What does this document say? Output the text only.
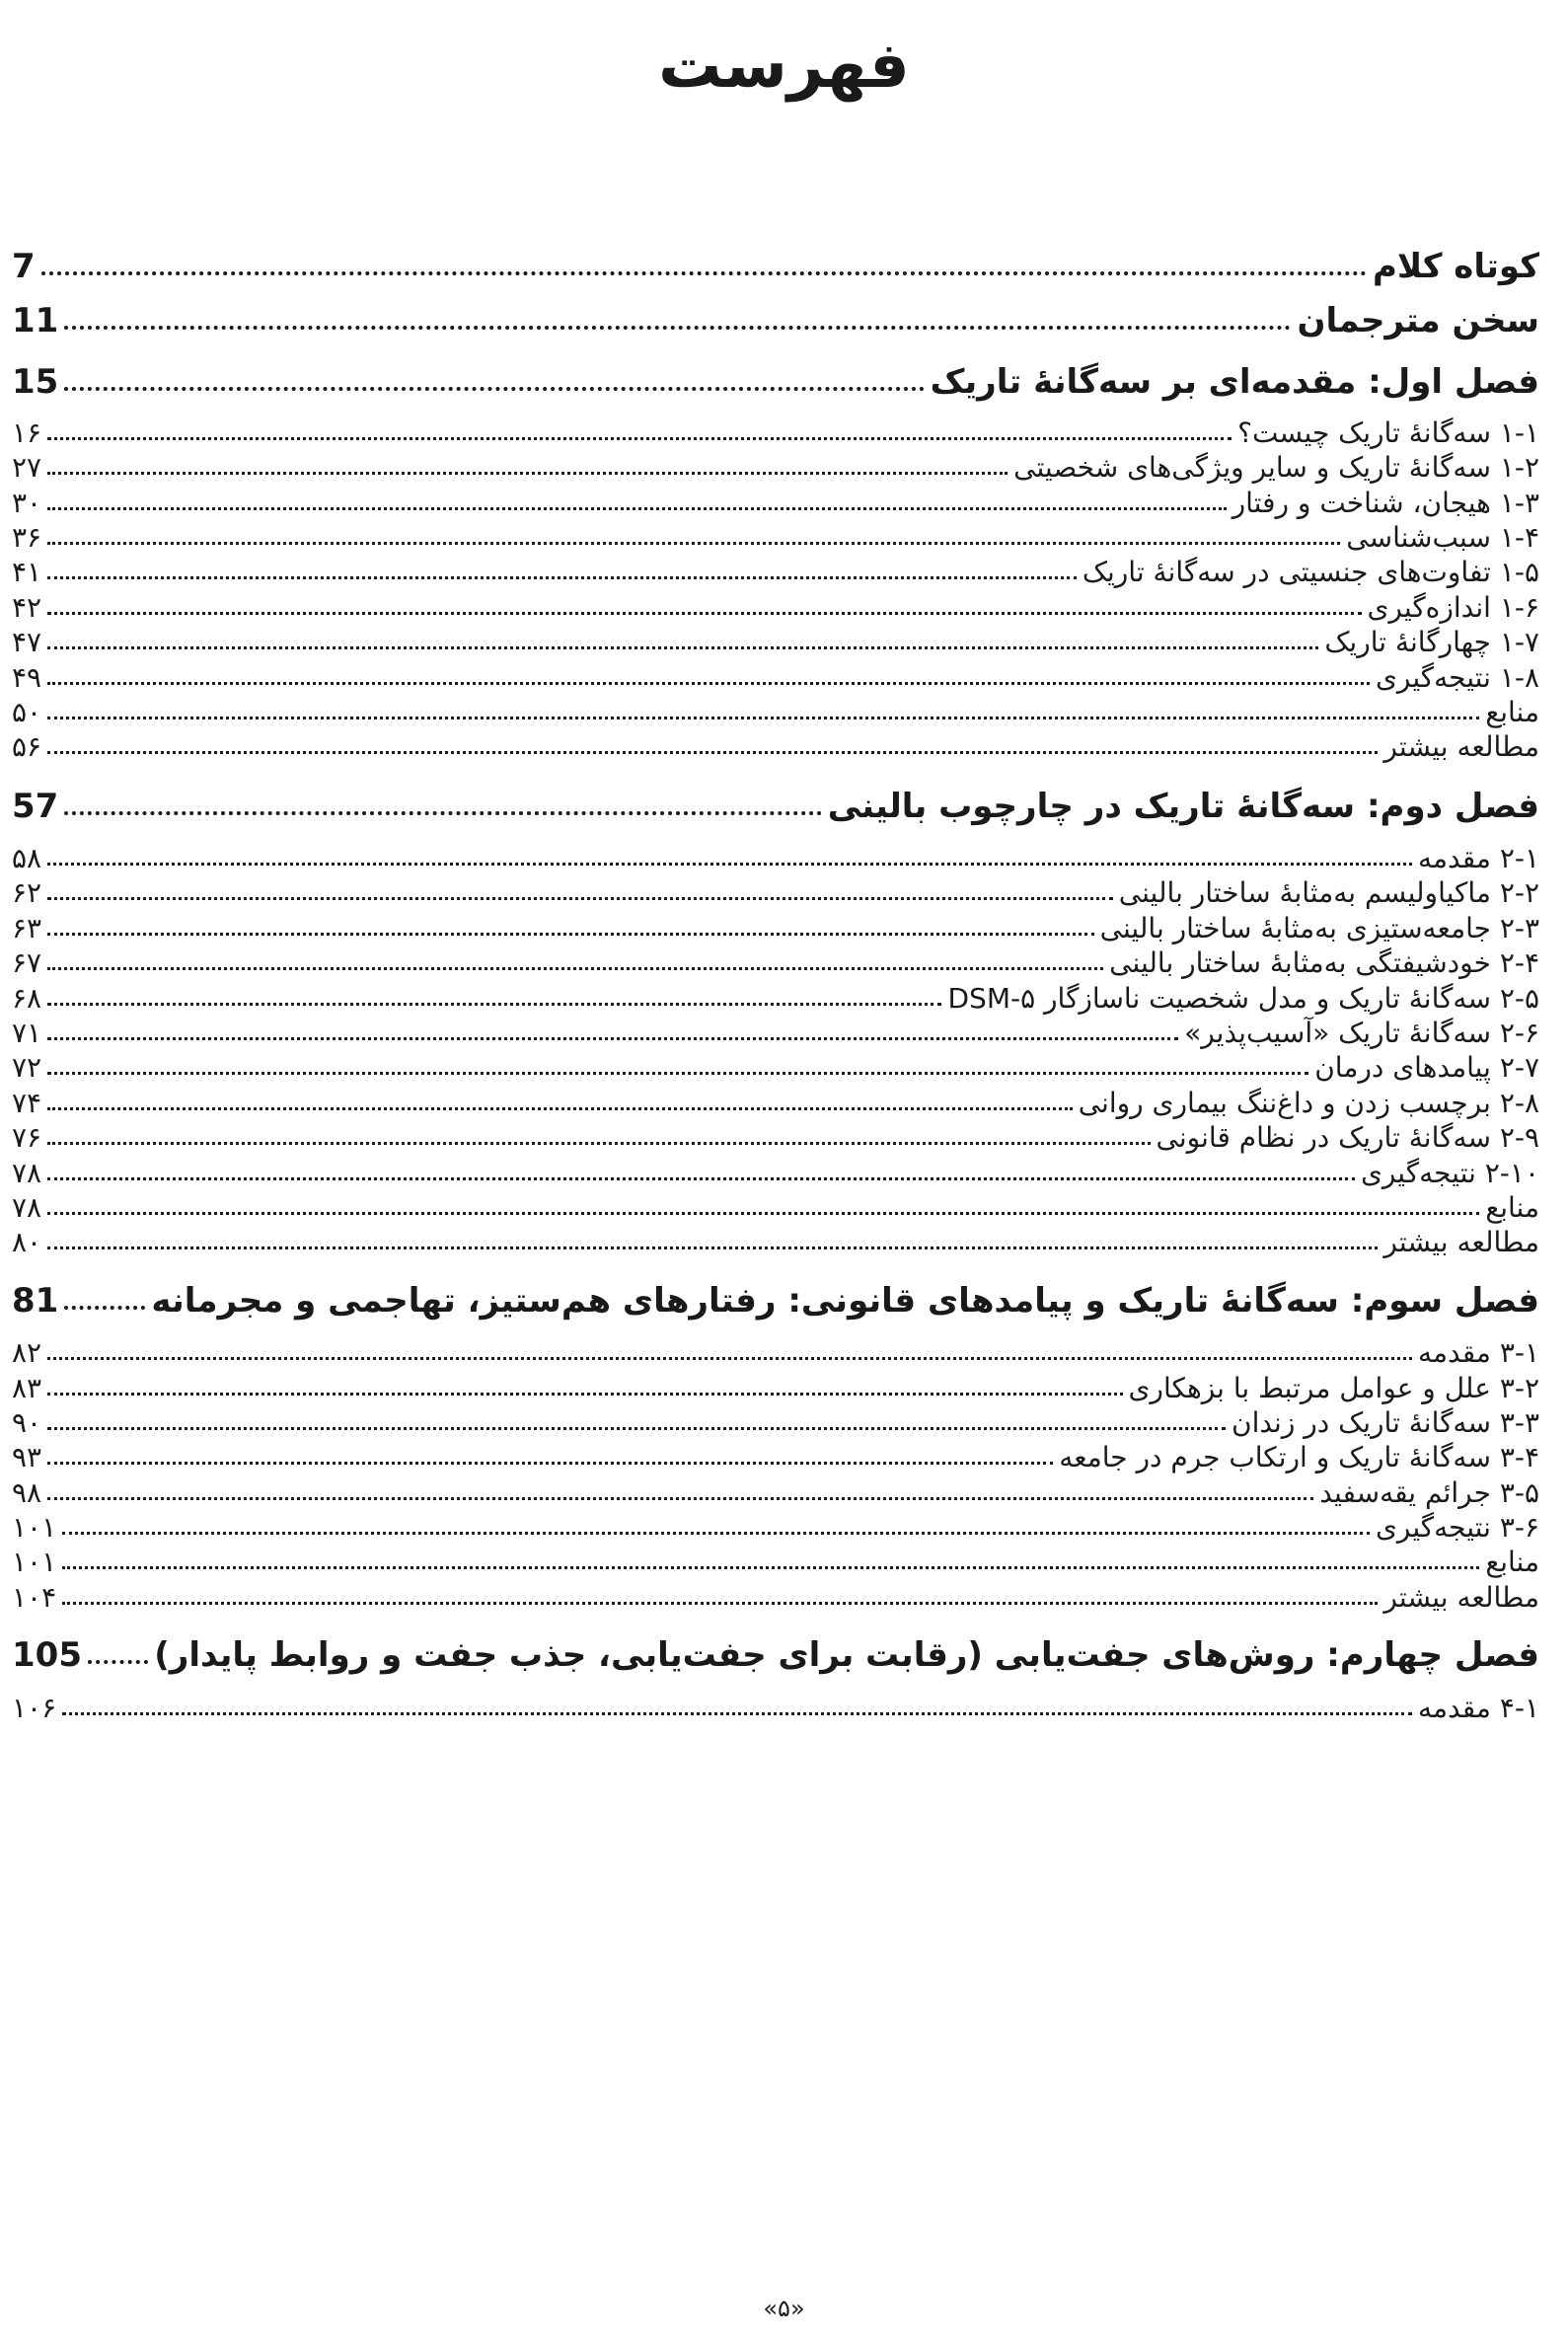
فهرست
7	کوتاه کلام
11	سخن مترجمان
15	فصل اول: مقدمه‌ای بر سه‌گانهٔ تاریک
۱۶	۱-۱ سه‌گانهٔ تاریک چیست؟
۲۷	۱-۲ سه‌گانهٔ تاریک و سایر ویژگی‌های شخصیتی
۳۰	۱-۳ هیجان، شناخت و رفتار
۳۶	۱-۴ سبب‌شناسی
۴۱	۱-۵ تفاوت‌های جنسیتی در سه‌گانهٔ تاریک
۴۲	۱-۶ اندازه‌گیری
۴۷	۱-۷ چهارگانهٔ تاریک
۴۹	۱-۸ نتیجه‌گیری
۵۰	منابع
۵۶	مطالعه بیشتر
57	فصل دوم: سه‌گانهٔ تاریک در چارچوب بالینی
۵۸	۲-۱ مقدمه
۶۲	۲-۲ ماکیاولیسم به‌مثابهٔ ساختار بالینی
۶۳	۲-۳ جامعه‌ستیزی به‌مثابهٔ ساختار بالینی
۶۷	۲-۴ خودشیفتگی به‌مثابهٔ ساختار بالینی
۶۸	۲-۵ سه‌گانهٔ تاریک و مدل شخصیت ناسازگار DSM-۵
۷۱	۲-۶ سه‌گانهٔ تاریک «آسیب‌پذیر»
۷۲	۲-۷ پیامدهای درمان
۷۴	۲-۸ برچسب زدن و داغ‌ننگ بیماری روانی
۷۶	۲-۹ سه‌گانهٔ تاریک در نظام قانونی
۷۸	۲-۱۰ نتیجه‌گیری
۷۸	منابع
۸۰	مطالعه بیشتر
81	فصل سوم: سه‌گانهٔ تاریک و پیامدهای قانونی: رفتارهای هم‌ستیز، تهاجمی و مجرمانه
۸۲	۳-۱ مقدمه
۸۳	۳-۲ علل و عوامل مرتبط با بزهکاری
۹۰	۳-۳ سه‌گانهٔ تاریک در زندان
۹۳	۳-۴ سه‌گانهٔ تاریک و ارتکاب جرم در جامعه
۹۸	۳-۵ جرائم یقه‌سفید
۱۰۱	۳-۶ نتیجه‌گیری
۱۰۱	منابع
۱۰۴	مطالعه بیشتر
105 فصل چهارم: روش‌های جفت‌یابی (رقابت برای جفت‌یابی، جذب جفت و روابط پایدار)
۱۰۶	۴-۱ مقدمه
«۵»
